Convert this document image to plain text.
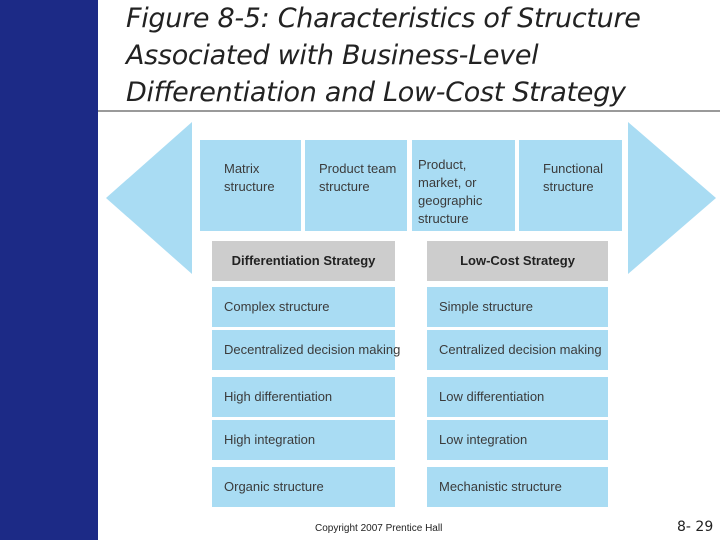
Figure 8-5: Characteristics of Structure Associated with Business-Level Differentiation and Low-Cost Strategy
Matrix structure
Product team structure
Product, market, or geographic structure
Functional structure
Differentiation Strategy	Low-Cost Strategy
Complex structure
Decentralized decision making
High differentiation
High integration
Organic structure
Simple structure
Centralized decision making
Low differentiation
Low integration
Mechanistic structure
Copyright 2007 Prentice Hall	8- 29
